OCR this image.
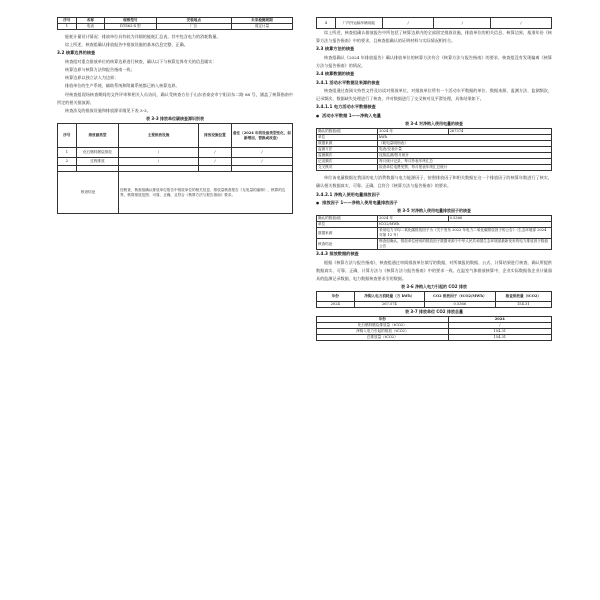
序号	名称	规格型号	安装地点	未来检测周期
1	电表	DTS62-4 型	厂区	周定计量

能耗计量设计情况：排放单位具有较为详细的能耗汇总表，其中包含电力的消耗数量。

综上所述，核查组确认排放报告中排放设施的基本信息完整、正确。

3.2 核算边界的核查

核查组对重点排放单位的核算边界进行核查，确认以下与核算边界有关的信息属实：

核算边界与核算方法和报告指南一致；

核算边界以独立法人为边界；

排放单位的生产系统、辅助系统和附属系统都已纳入核算边界。

经核查组现场核查期间的文件评审和相关人员访问，确认受核查方位于山东省泰安市宁阳县东二路 88 号，涵盖了核算指南中所定的相关排放源。

核查涉及的排放设施和排放源详细见下表 3-3。

表 3-3 排放单位碳核查源识别表

序号	排放源类型	主要排放设施	排放设施位置	备注（2024 年的设备类型变化，如新增加，替换或改造）
1	化石燃料燃烧排放	/	/	/
2	过程排放	/	/	/

核查结论		经核查，核查组确认排放单位报告中排放单位的相关信息、排放量核查报告《无电量的编制》，核算的边界、核算排放范围、可靠、正确，且符合《核算方法与报告指南》要求。		
4	厂内外运输车辆用能	/	/	/

综上所述，核查组确认排放报告中所包括了核算边界内的全部固定排放设施，排放单位的相关信息、核算边界，基准年份《核算方法与报告指南》中的要求，且核查组确认的证明材料与实际情况相符合。

3.3 核算方法的核查

核查组确认《2024 年排放报告》确认排放单位的核算方法符合《核算方法与报告指南》的要求，核查组没有发现偏离《核算方法与报告指南》的情况。

3.4 核算数据的核查

3.4.1 活动水平数据及来源的核查

核查组通过查阅支持性文件及访谈对排放单位，对排放单位所有一个活动水平数据的单位、数据来源、监测方法、监测频次、记录频次、数据缺失处理进行了核查，并对数据进行了交叉核对及平滑处理，具体结果如下。

3.4.1.1 电力活动水平数据核查

● 活动水平数据 1——净购入电量

表 3-4 对净购入使用电量的核查

确认的数值/值	2024 年	267574
单位	kWh	
数据来源	《耗电量明细表》	
监测方法	电表/仪表计量	
监测频次	连续监测/按月统计	
记录频次	每月统计记录，每月抄表年终汇总	
交叉核对	检查单位电费发票、每月报表年终汇总统计	

单位该电量数据在我国的电力消费数据与电力能源因子，按照排放因子和相关数据在这一个排放因子的核算年数进行了核实，确认相关数据真实、可靠、正确，且符合《核算方法与报告指南》的要求。

3.4.2.1 净购入使用电量排放因子

● 排放因子 1——净购入使用电量排放因子

表 3-5 对净购入使用电量排放因子的核查

确认的数值/值	2024 年	0.5366
单位	tCO2/MWh	
数据来源	采用电力平均二氧化碳排放因子为《关于发布 2022 年电力二氧化碳排放因子的公告》（生态环境部 2024 年第 12 号）	
核查结论	核查组确认，排放单位使用的排放因子数据来源于中华人民共和国生态环境部最新发布的电力排放因子数值公告	

3.4.3 排放数据的核查

根据《核算方法与报告指南》，核查组通过审阅排放单位填写的数据，对所填报的数据、公式、计算结果进行核查，确认所提供数据真实、可靠、正确，计算方法与《核算方法与报告指南》中的要求一致。在温室气体排放核算中，企业实际数据依企业计量器具的监测记录数据，电力数据核查要求引用数据。

表 3-6 净购入电力引起的 CO2 排放

年份	净购入电力消耗量（万 kWh）	CO2 排放因子（tCO2/MWh）	核查排放量（tCO2）
2024	267.574	0.5366	154.31

表 3-7 排放单位 CO2 排放总量

年份	2024
化石燃料燃烧排放量（tCO2）	/
净购入电力引起的排放（tCO2）	154.31
总排放量（tCO2）	154.31
